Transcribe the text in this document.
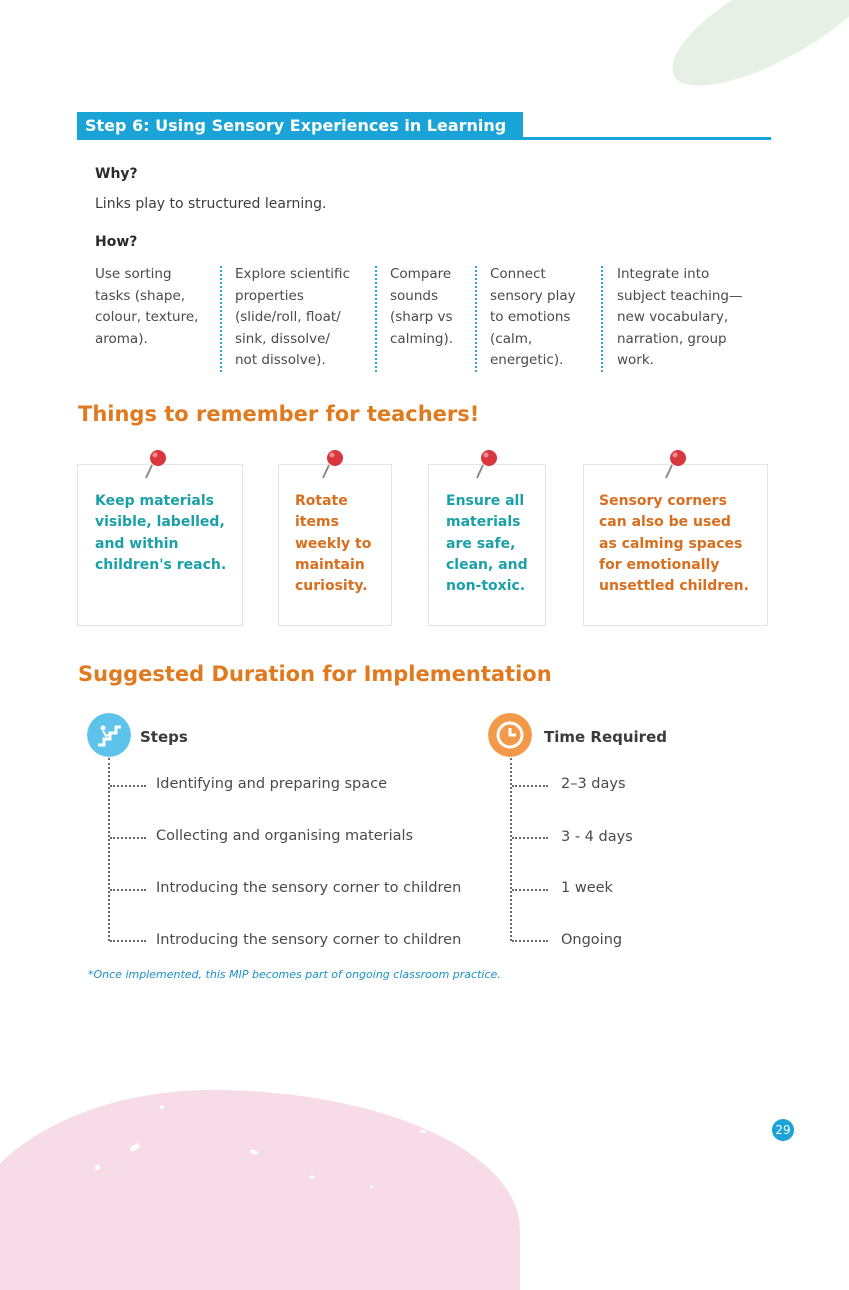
Step 6: Using Sensory Experiences in Learning
Why?
Links play to structured learning.
How?
Use sorting
tasks (shape,
colour, texture,
aroma).
Explore scientific
properties
(slide/roll, float/
sink, dissolve/
not dissolve).
Compare
sounds
(sharp vs
calming).
Connect
sensory play
to emotions
(calm,
energetic).
Integrate into
subject teaching—
new vocabulary,
narration, group
work.
Things to remember for teachers!
Keep materials
visible, labelled,
and within
children's reach.
Rotate
items
weekly to
maintain
curiosity.
Ensure all
materials
are safe,
clean, and
non-toxic.
Sensory corners
can also be used
as calming spaces
for emotionally
unsettled children.
Suggested Duration for Implementation
Steps	Time Required
Identifying and preparing space
Collecting and organising materials
Introducing the sensory corner to children
Introducing the sensory corner to children
2–3 days
3 - 4 days
1 week
Ongoing
*Once implemented, this MIP becomes part of ongoing classroom practice.
29
